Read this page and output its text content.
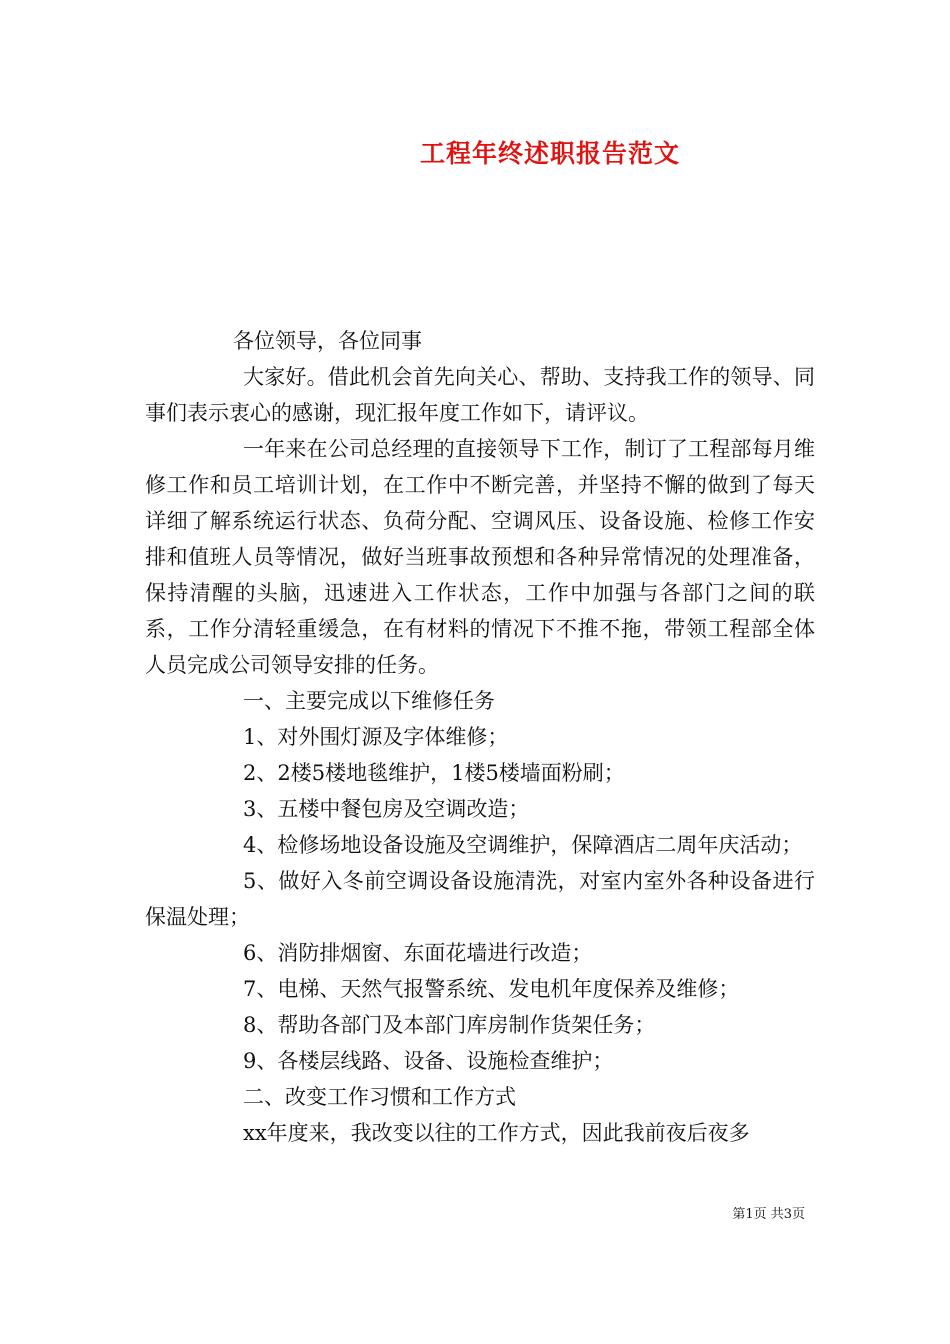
工程年终述职报告范文

各位领导，各位同事

大家好。借此机会首先向关心、帮助、支持我工作的领导、同事们表示衷心的感谢，现汇报年度工作如下，请评议。

一年来在公司总经理的直接领导下工作，制订了工程部每月维修工作和员工培训计划，在工作中不断完善，并坚持不懈的做到了每天详细了解系统运行状态、负荷分配、空调风压、设备设施、检修工作安排和值班人员等情况，做好当班事故预想和各种异常情况的处理准备，保持清醒的头脑，迅速进入工作状态，工作中加强与各部门之间的联系，工作分清轻重缓急，在有材料的情况下不推不拖，带领工程部全体人员完成公司领导安排的任务。

一、主要完成以下维修任务

1、对外围灯源及字体维修；

2、2楼5楼地毯维护，1楼5楼墙面粉刷；

3、五楼中餐包房及空调改造；

4、检修场地设备设施及空调维护，保障酒店二周年庆活动；

5、做好入冬前空调设备设施清洗，对室内室外各种设备进行保温处理；

6、消防排烟窗、东面花墙进行改造；

7、电梯、天然气报警系统、发电机年度保养及维修；

8、帮助各部门及本部门库房制作货架任务；

9、各楼层线路、设备、设施检查维护；

二、改变工作习惯和工作方式

xx年度来，我改变以往的工作方式，因此我前夜后夜多

第1页 共3页
